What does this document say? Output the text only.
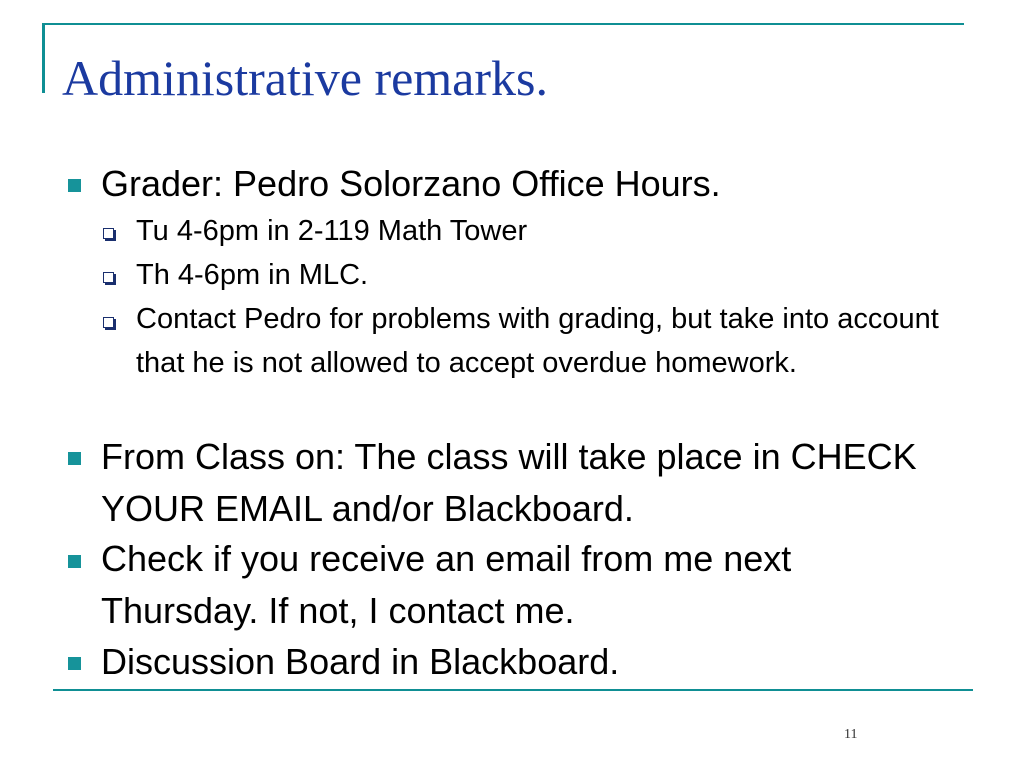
Administrative remarks.
Grader: Pedro Solorzano Office Hours.
Tu 4-6pm in 2-119 Math Tower
Th 4-6pm in MLC.
Contact Pedro for problems with grading, but take into account that he is not allowed to accept overdue homework.
From Class on: The class will take place in CHECK YOUR EMAIL and/or Blackboard.
Check if you receive an email from me next Thursday. If not, I contact me.
Discussion Board in Blackboard.
11
